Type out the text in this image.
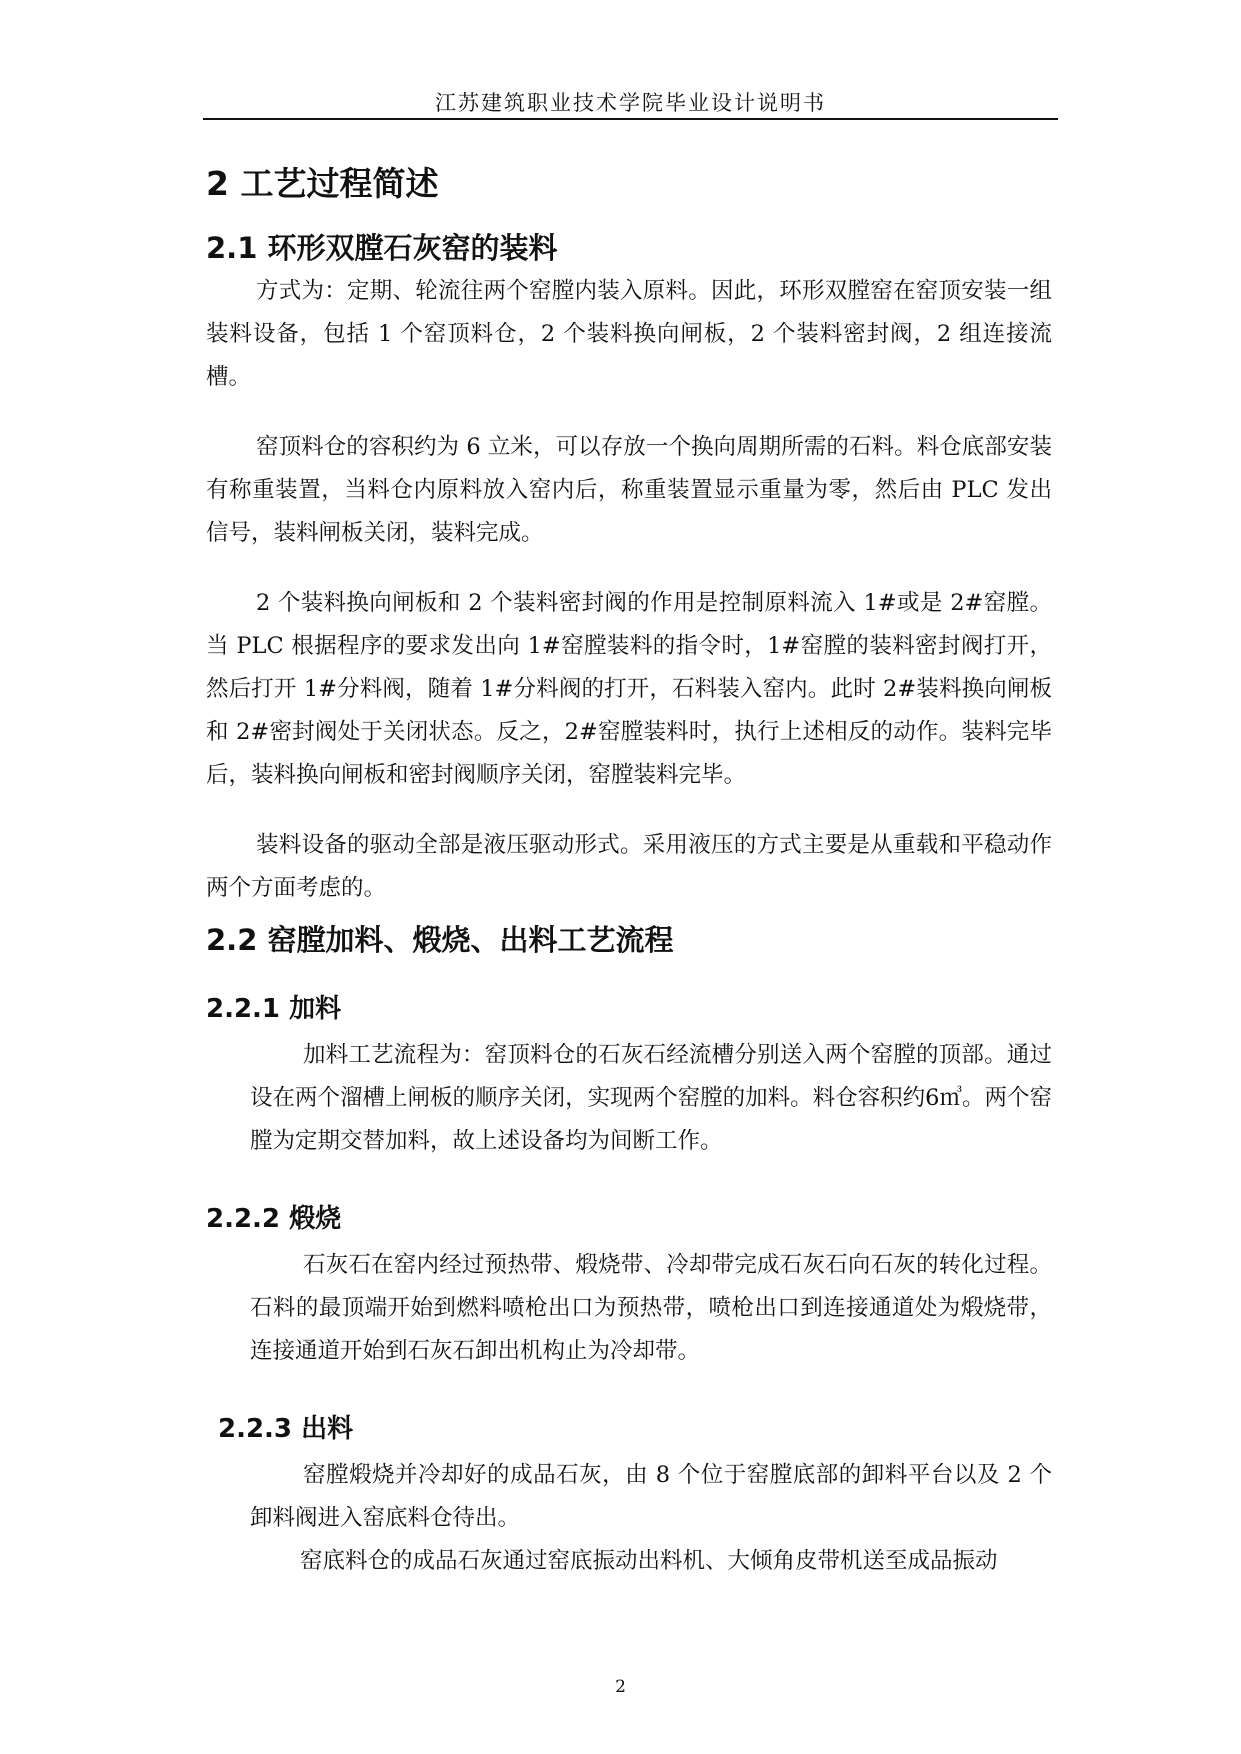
江苏建筑职业技术学院毕业设计说明书
2 工艺过程简述
2.1 环形双膛石灰窑的装料

方式为：定期、轮流往两个窑膛内装入原料。因此，环形双膛窑在窑顶安装一组装料设备，包括 1 个窑顶料仓，2 个装料换向闸板，2 个装料密封阀，2 组连接流槽。

窑顶料仓的容积约为 6 立米，可以存放一个换向周期所需的石料。料仓底部安装有称重装置，当料仓内原料放入窑内后，称重装置显示重量为零，然后由 PLC 发出信号，装料闸板关闭，装料完成。

2 个装料换向闸板和 2 个装料密封阀的作用是控制原料流入 1#或是 2#窑膛。当 PLC 根据程序的要求发出向 1#窑膛装料的指令时，1#窑膛的装料密封阀打开，然后打开 1#分料阀，随着 1#分料阀的打开，石料装入窑内。此时 2#装料换向闸板和 2#密封阀处于关闭状态。反之，2#窑膛装料时，执行上述相反的动作。装料完毕后，装料换向闸板和密封阀顺序关闭，窑膛装料完毕。

装料设备的驱动全部是液压驱动形式。采用液压的方式主要是从重载和平稳动作两个方面考虑的。

2.2 窑膛加料、煅烧、出料工艺流程
2.2.1 加料

加料工艺流程为：窑顶料仓的石灰石经流槽分别送入两个窑膛的顶部。通过设在两个溜槽上闸板的顺序关闭，实现两个窑膛的加料。料仓容积约6㎥。两个窑膛为定期交替加料，故上述设备均为间断工作。

2.2.2 煅烧

石灰石在窑内经过预热带、煅烧带、冷却带完成石灰石向石灰的转化过程。石料的最顶端开始到燃料喷枪出口为预热带，喷枪出口到连接通道处为煅烧带，连接通道开始到石灰石卸出机构止为冷却带。

2.2.3 出料

窑膛煅烧并冷却好的成品石灰，由 8 个位于窑膛底部的卸料平台以及 2 个卸料阀进入窑底料仓待出。

窑底料仓的成品石灰通过窑底振动出料机、大倾角皮带机送至成品振动

2
